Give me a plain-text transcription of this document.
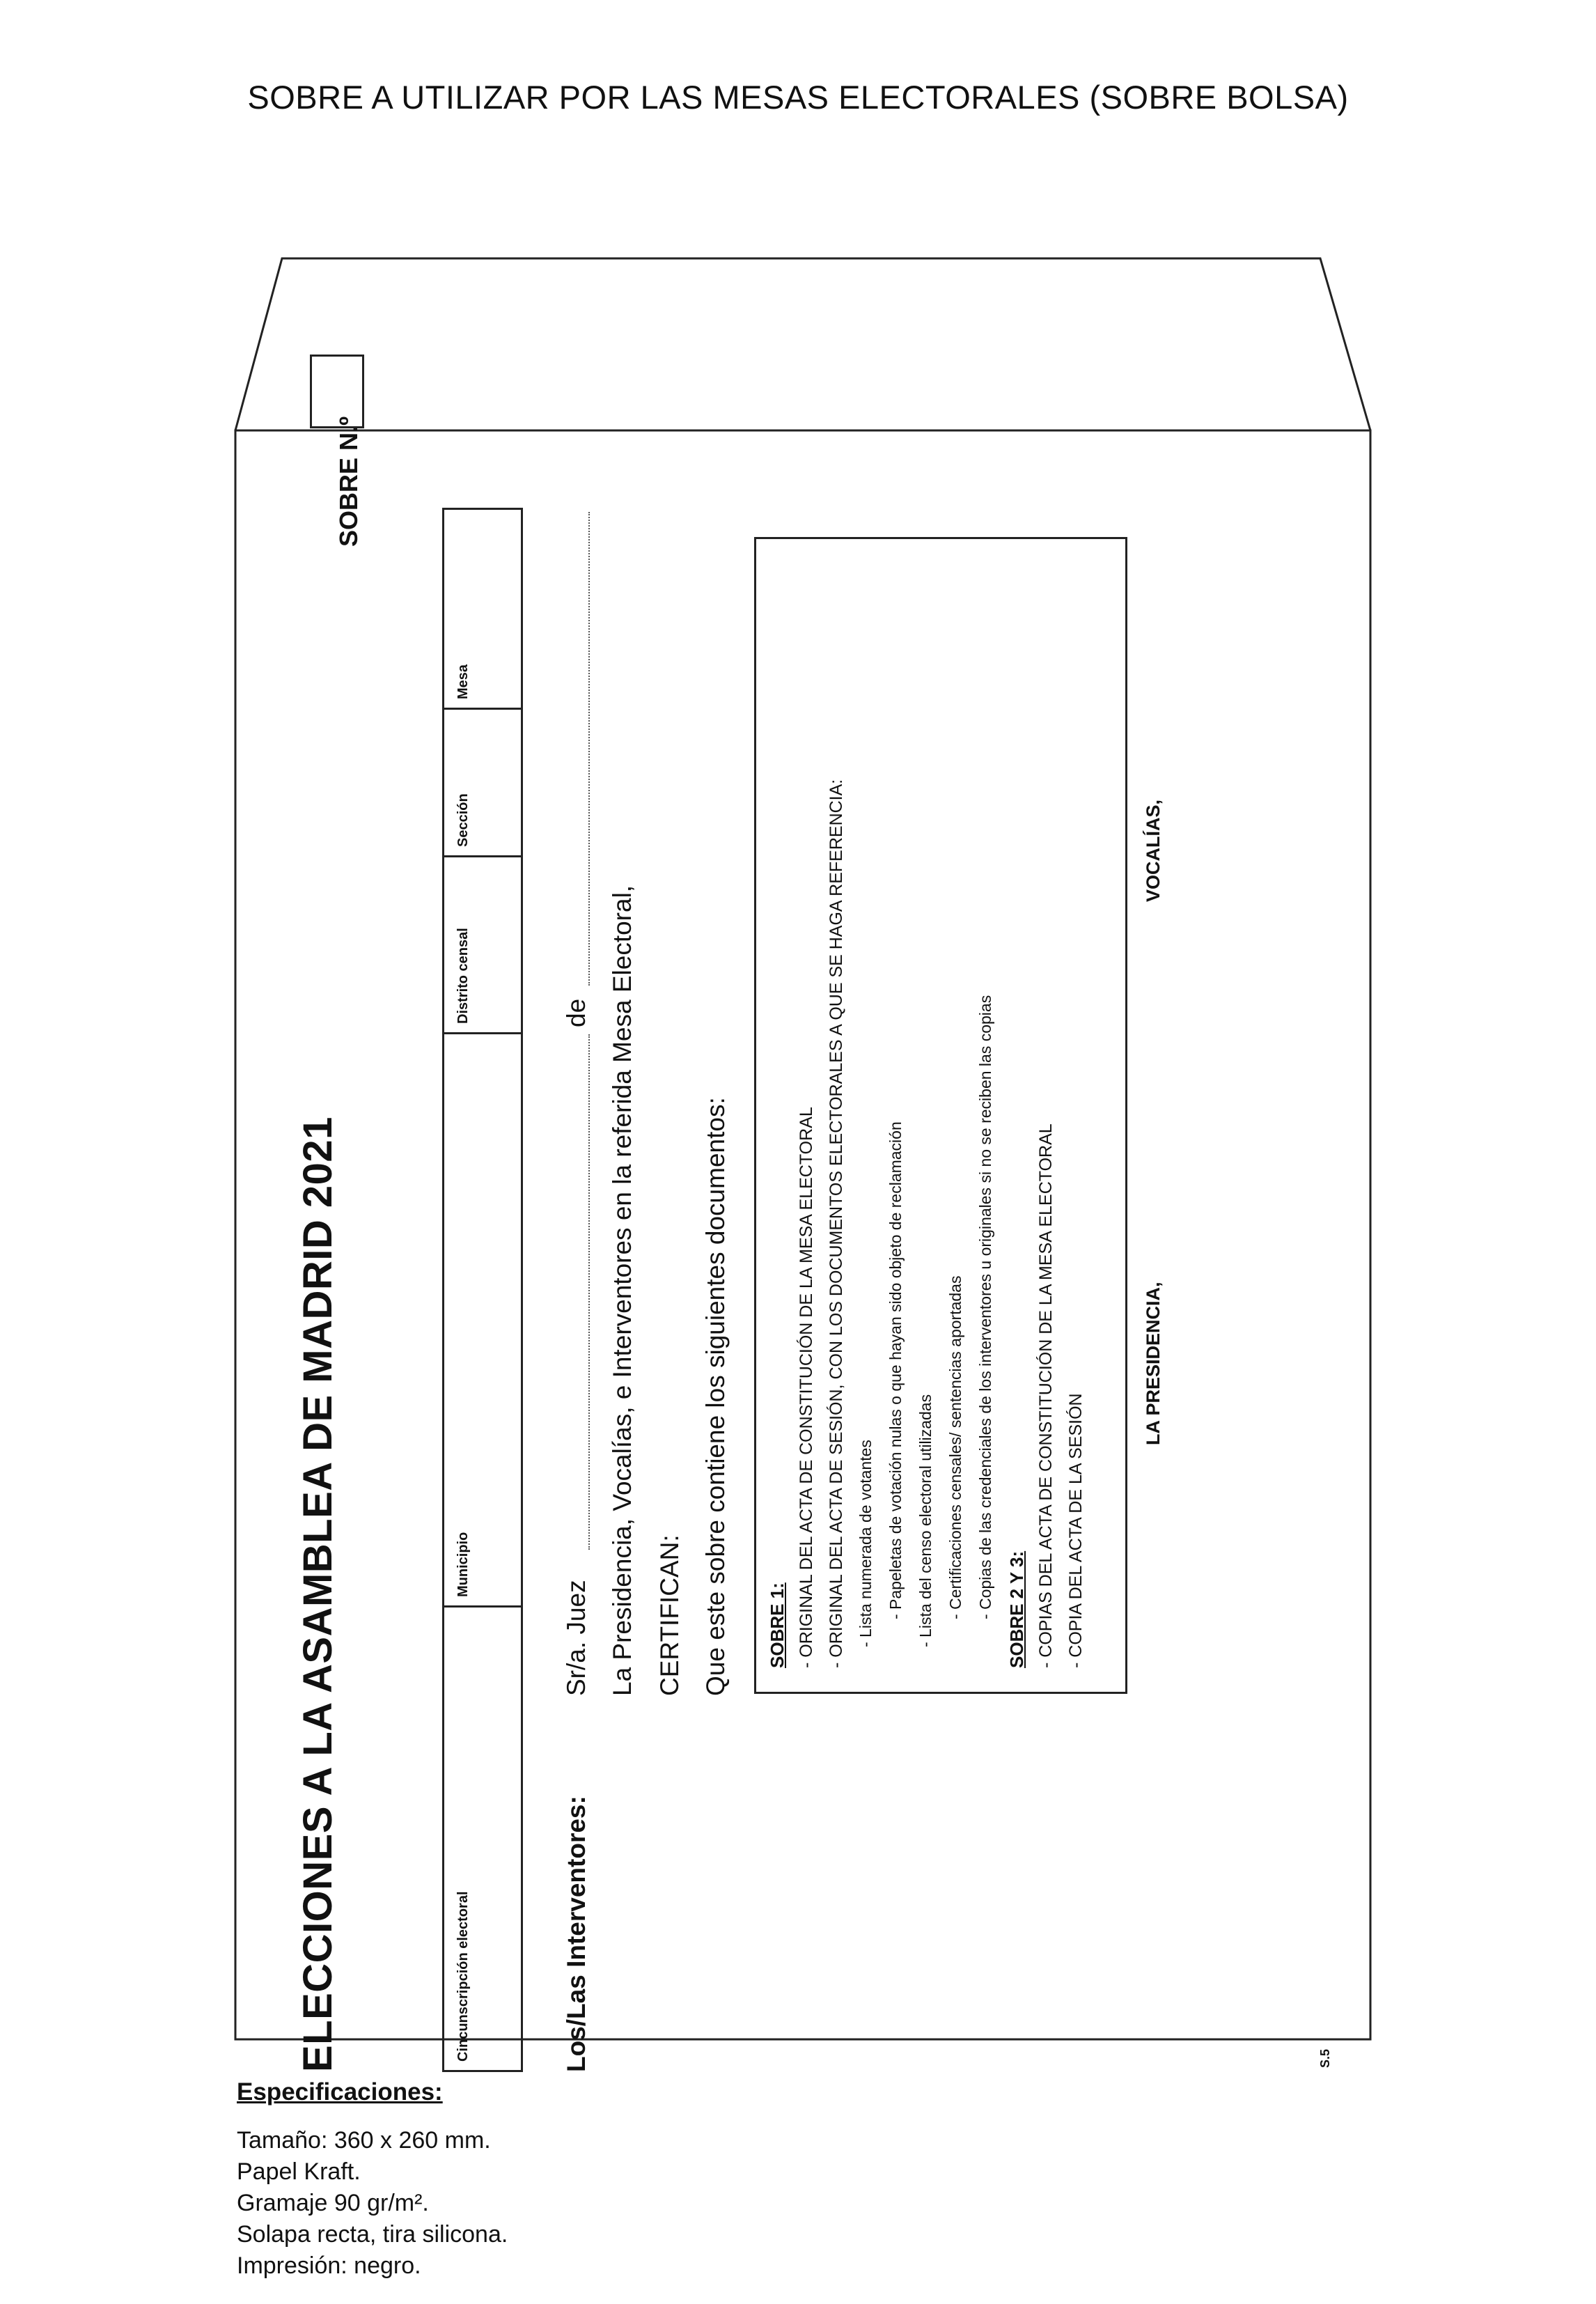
SOBRE A UTILIZAR POR LAS MESAS ELECTORALES (SOBRE BOLSA)
ELECCIONES A LA ASAMBLEA DE MADRID 2021
SOBRE N.º
Cincunscripción electoral
Municipio
Distrito censal
Sección
Mesa
Los/Las Interventores:
Sr/a. Juez
de La Presidencia, Vocalías, e Interventores en la referida Mesa Electoral, CERTIFICAN: Que este sobre contiene los siguientes documentos: SOBRE 1: - ORIGINAL DEL ACTA DE CONSTITUCIÓN DE LA MESA ELECTORAL - ORIGINAL DEL ACTA DE SESIÓN, CON LOS DOCUMENTOS ELECTORALES A QUE SE HAGA REFERENCIA: - Lista numerada de votantes - Papeletas de votación nulas o que hayan sido objeto de reclamación - Lista del censo electoral utilizadas - Certificaciones censales/ sentencias aportadas - Copias de las credenciales de los interventores u originales si no se reciben las copias SOBRE 2 Y 3: - COPIAS DEL ACTA DE CONSTITUCIÓN DE LA MESA ELECTORAL - COPIA DEL ACTA DE LA SESIÓN
LA PRESIDENCIA,
VOCALÍAS,
S.5
Especificaciones:
Tamaño: 360 x 260 mm.
Papel Kraft.
Gramaje 90 gr/m².
Solapa recta, tira silicona.
Impresión: negro.
